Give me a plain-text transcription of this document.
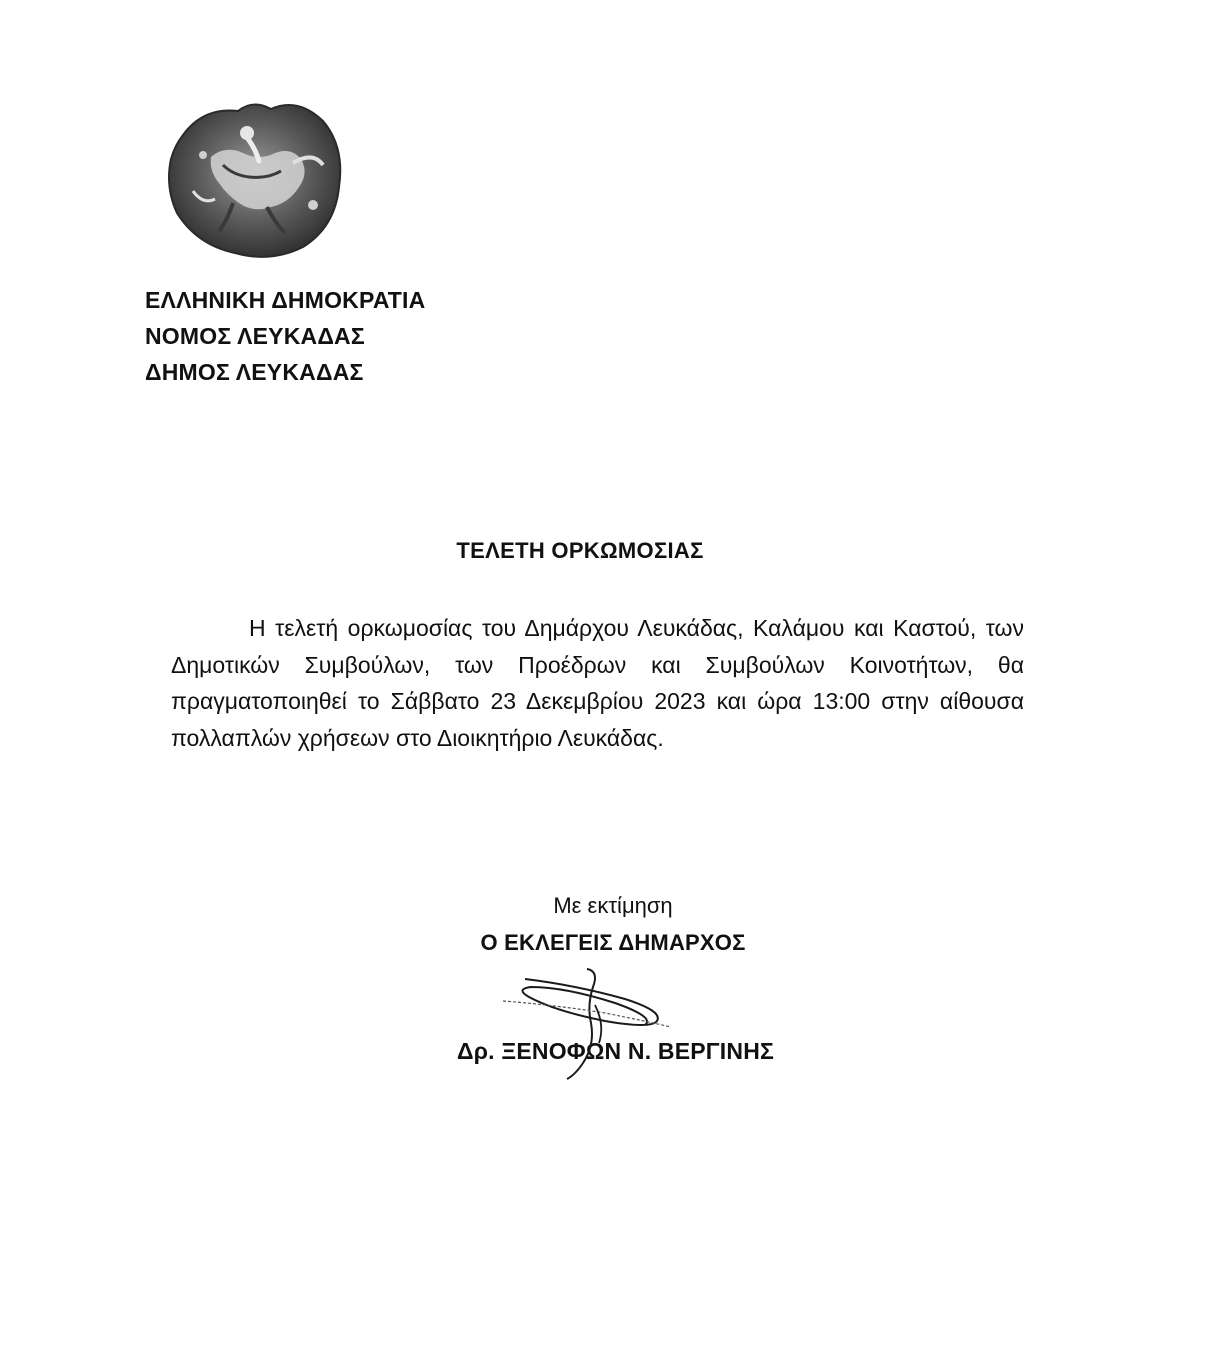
ΕΛΛΗΝΙΚΗ ΔΗΜΟΚΡΑΤΙΑ
ΝΟΜΟΣ ΛΕΥΚΑΔΑΣ
ΔΗΜΟΣ ΛΕΥΚΑΔΑΣ
ΤΕΛΕΤΗ ΟΡΚΩΜΟΣΙΑΣ
Η τελετή ορκωμοσίας του Δημάρχου Λευκάδας, Καλάμου και Καστού, των Δημοτικών Συμβούλων, των Προέδρων και Συμβούλων Κοινοτήτων, θα πραγματοποιηθεί το Σάββατο 23 Δεκεμβρίου 2023 και ώρα 13:00 στην αίθουσα πολλαπλών χρήσεων στο Διοικητήριο Λευκάδας.
Με εκτίμηση
Ο ΕΚΛΕΓΕΙΣ ΔΗΜΑΡΧΟΣ
Δρ. ΞΕΝΟΦΩΝ Ν. ΒΕΡΓΙΝΗΣ
